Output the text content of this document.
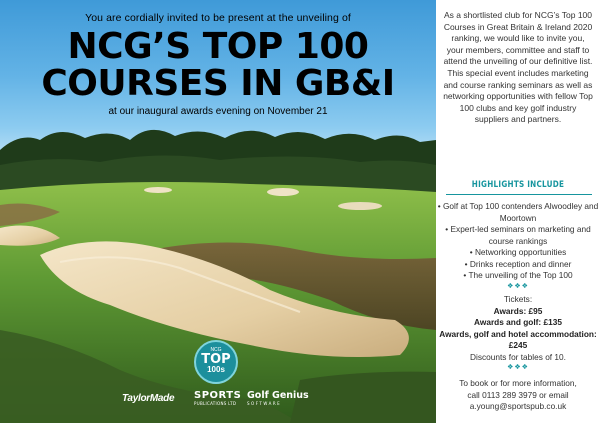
You are cordially invited to be present at the unveiling of
NCG’S TOP 100
COURSES IN GB&I
at our inaugural awards evening on November 21
NCG
TOP
100s
TaylorMade SPORTS
PUBLICATIONS LTD
Golf Genius
SOFTWARE
As a shortlisted club for NCG’s Top 100 Courses in Great Britain & Ireland 2020 ranking, we would like to invite you, your members, committee and staff to attend the unveiling of our definitive list. This special event includes marketing and course ranking seminars as well as networking opportunities with fellow Top 100 clubs and key golf industry suppliers and partners.
HIGHLIGHTS INCLUDE
• Golf at Top 100 contenders Alwoodley and Moortown
• Expert-led seminars on marketing and course rankings
• Networking opportunities
• Drinks reception and dinner
• The unveiling of the Top 100
❖❖❖
Tickets:
Awards: £95
Awards and golf: £135
Awards, golf and hotel accommodation: £245
Discounts for tables of 10.
❖❖❖
To book or for more information,
call 0113 289 3979 or email
a.young@sportspub.co.uk
